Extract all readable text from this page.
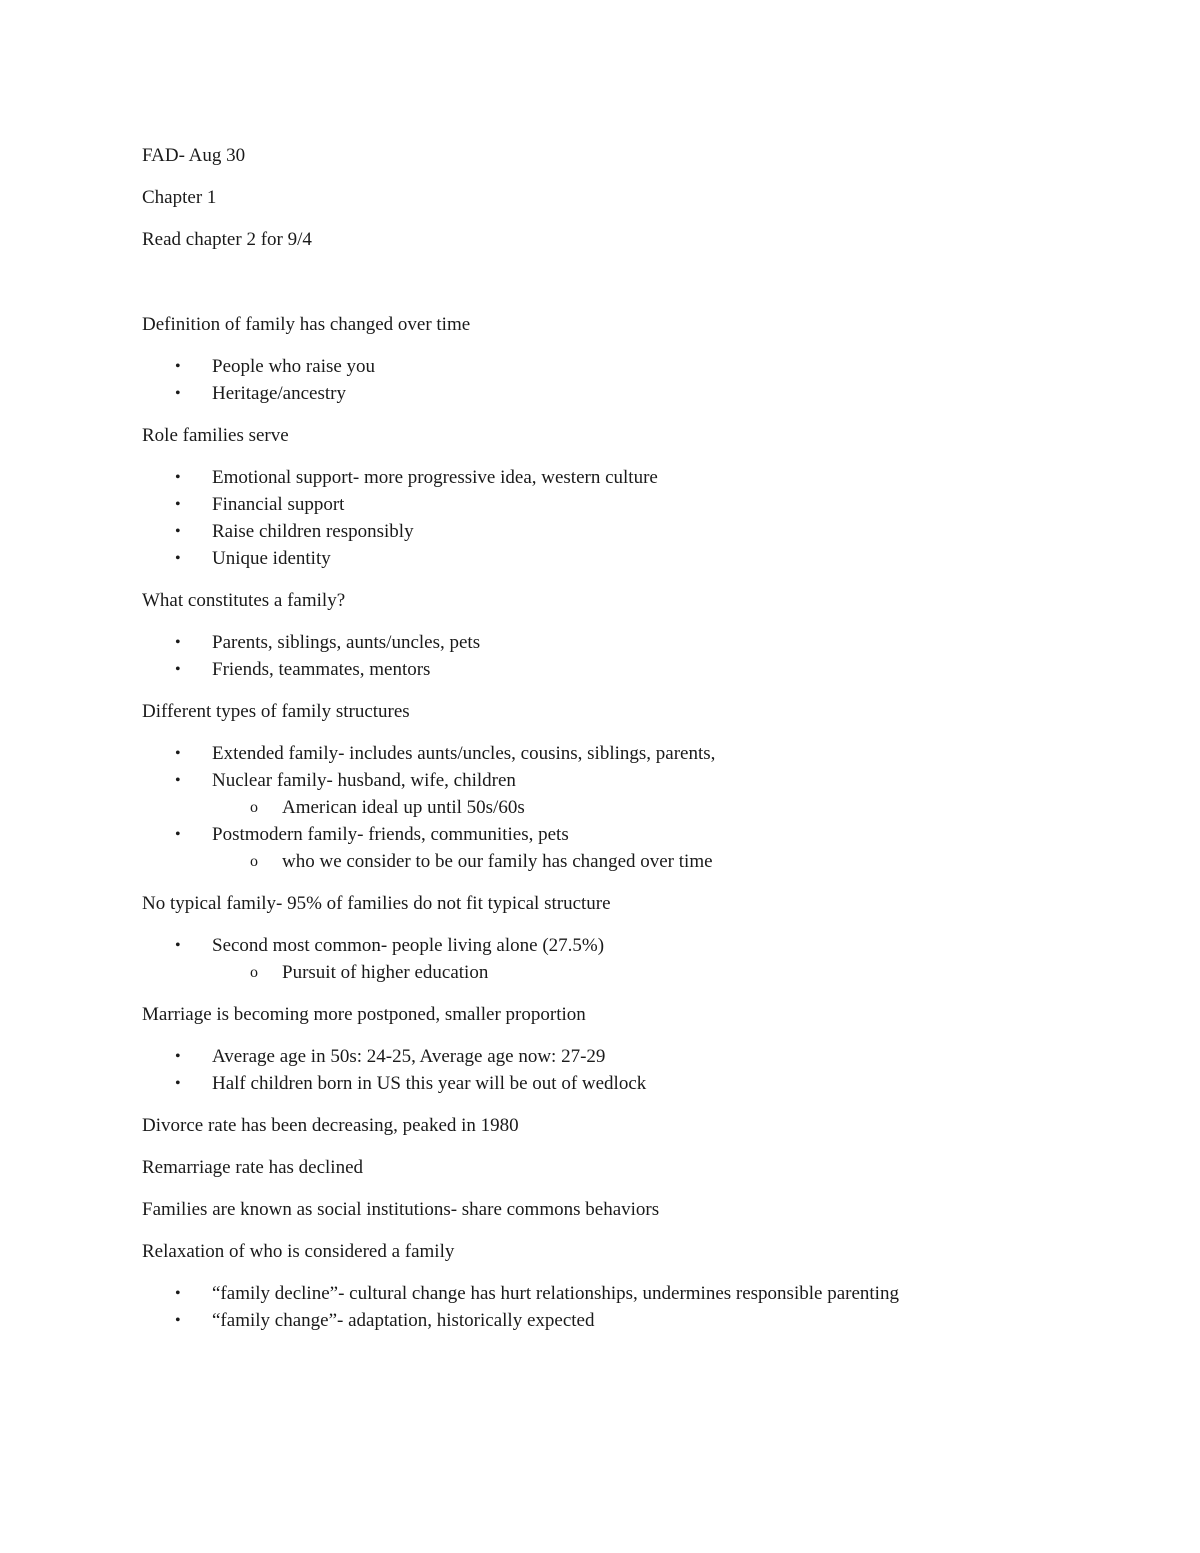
FAD- Aug 30

Chapter 1

Read chapter 2 for 9/4

Definition of family has changed over time

• People who raise you
• Heritage/ancestry

Role families serve

• Emotional support- more progressive idea, western culture
• Financial support
• Raise children responsibly
• Unique identity

What constitutes a family?

• Parents, siblings, aunts/uncles, pets
• Friends, teammates, mentors

Different types of family structures

• Extended family- includes aunts/uncles, cousins, siblings, parents,
• Nuclear family- husband, wife, children
o American ideal up until 50s/60s
• Postmodern family- friends, communities, pets
o who we consider to be our family has changed over time

No typical family- 95% of families do not fit typical structure

• Second most common- people living alone (27.5%)
o Pursuit of higher education

Marriage is becoming more postponed, smaller proportion

• Average age in 50s: 24-25, Average age now: 27-29
• Half children born in US this year will be out of wedlock

Divorce rate has been decreasing, peaked in 1980

Remarriage rate has declined

Families are known as social institutions- share commons behaviors

Relaxation of who is considered a family

• “family decline”- cultural change has hurt relationships, undermines responsible parenting
• “family change”- adaptation, historically expected
